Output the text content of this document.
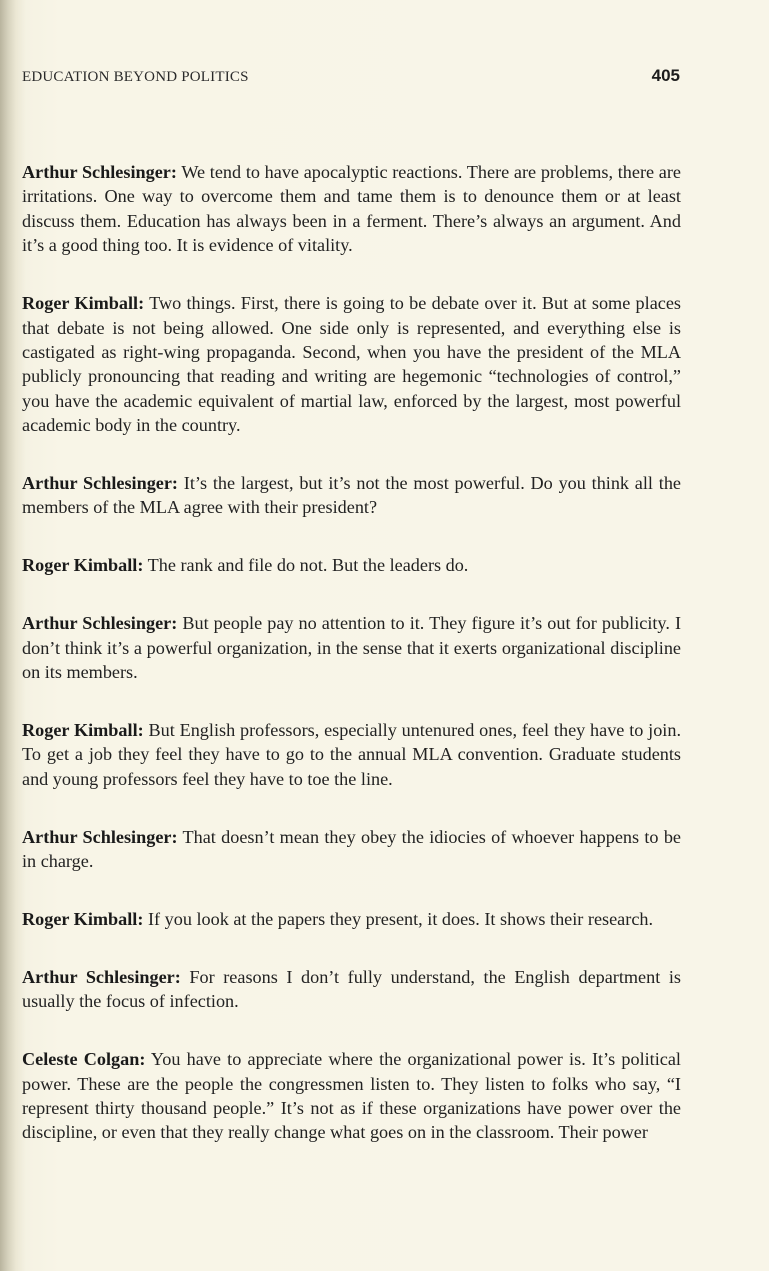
EDUCATION BEYOND POLITICS	405

Arthur Schlesinger: We tend to have apocalyptic reactions. There are problems, there are irritations. One way to overcome them and tame them is to denounce them or at least discuss them. Education has always been in a ferment. There’s always an argument. And it’s a good thing too. It is evidence of vitality.

Roger Kimball: Two things. First, there is going to be debate over it. But at some places that debate is not being allowed. One side only is represented, and everything else is castigated as right-wing propaganda. Second, when you have the president of the MLA publicly pronouncing that reading and writing are hegemonic “technologies of control,” you have the academic equivalent of martial law, enforced by the largest, most powerful academic body in the country.

Arthur Schlesinger: It’s the largest, but it’s not the most powerful. Do you think all the members of the MLA agree with their president?

Roger Kimball: The rank and file do not. But the leaders do.

Arthur Schlesinger: But people pay no attention to it. They figure it’s out for publicity. I don’t think it’s a powerful organization, in the sense that it exerts organizational discipline on its members.

Roger Kimball: But English professors, especially untenured ones, feel they have to join. To get a job they feel they have to go to the annual MLA convention. Graduate students and young professors feel they have to toe the line.

Arthur Schlesinger: That doesn’t mean they obey the idiocies of whoever happens to be in charge.

Roger Kimball: If you look at the papers they present, it does. It shows their research.

Arthur Schlesinger: For reasons I don’t fully understand, the English department is usually the focus of infection.

Celeste Colgan: You have to appreciate where the organizational power is. It’s political power. These are the people the congressmen listen to. They listen to folks who say, “I represent thirty thousand people.” It’s not as if these organizations have power over the discipline, or even that they really change what goes on in the classroom. Their power
